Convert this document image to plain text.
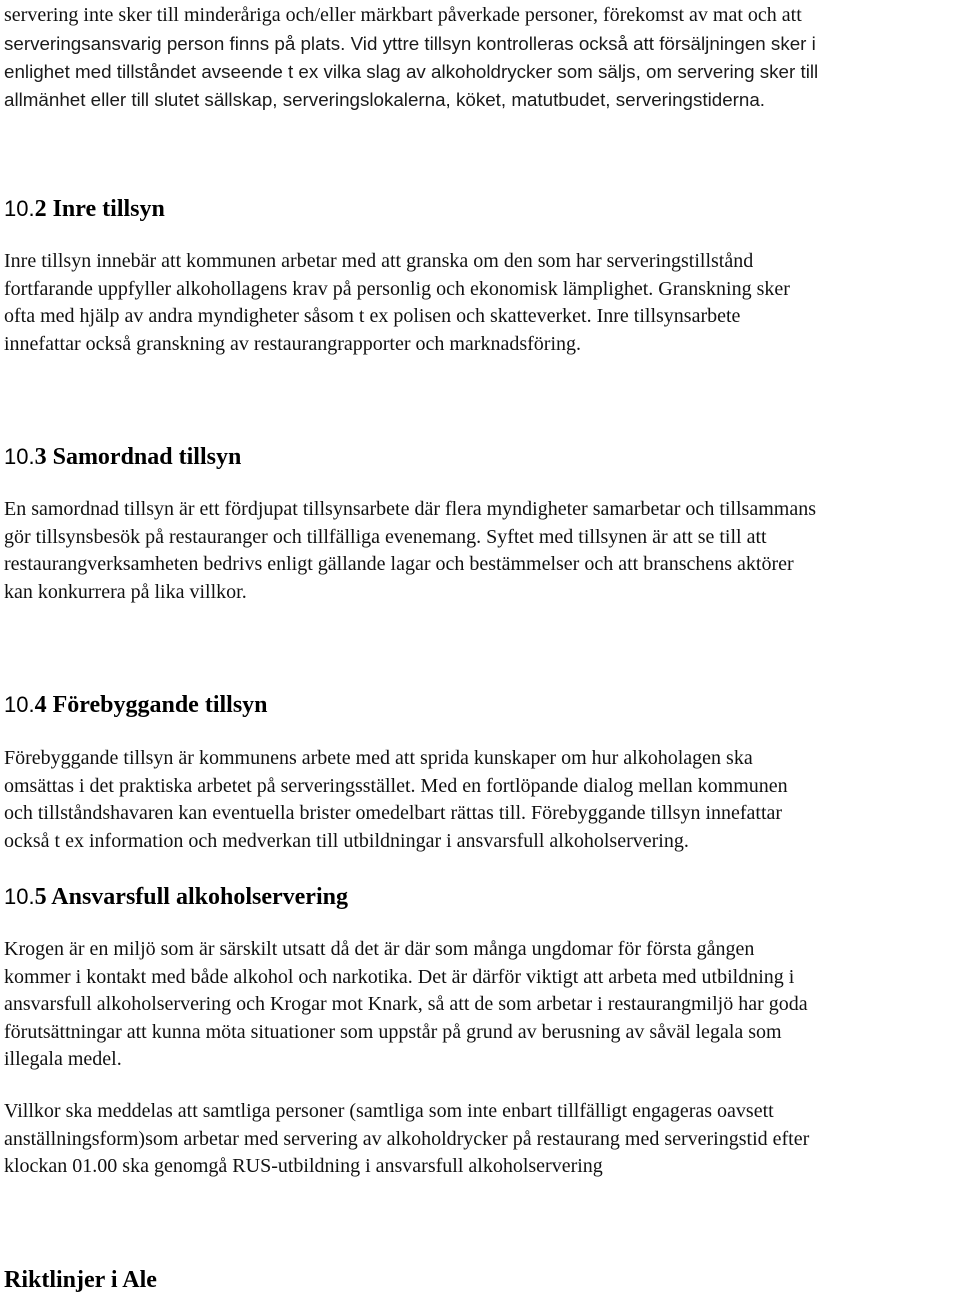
servering inte sker till minderåriga och/eller märkbart påverkade personer, förekomst av mat och att

serveringsansvarig person finns på plats. Vid yttre tillsyn kontrolleras också att försäljningen sker i

enlighet med tillståndet avseende t ex vilka slag av alkoholdrycker som säljs, om servering sker till

allmänhet eller till slutet sällskap, serveringslokalerna, köket, matutbudet, serveringstiderna.

10.2 Inre tillsyn

Inre tillsyn innebär att kommunen arbetar med att granska om den som har serveringstillstånd
fortfarande uppfyller alkohollagens krav på personlig och ekonomisk lämplighet. Granskning sker
ofta med hjälp av andra myndigheter såsom t ex polisen och skatteverket. Inre tillsynsarbete
innefattar också granskning av restaurangrapporter och marknadsföring.

10.3 Samordnad tillsyn

En samordnad tillsyn är ett fördjupat tillsynsarbete där flera myndigheter samarbetar och tillsammans
gör tillsynsbesök på restauranger och tillfälliga evenemang. Syftet med tillsynen är att se till att
restaurangverksamheten bedrivs enligt gällande lagar och bestämmelser och att branschens aktörer
kan konkurrera på lika villkor.

10.4 Förebyggande tillsyn

Förebyggande tillsyn är kommunens arbete med att sprida kunskaper om hur alkoholagen ska
omsättas i det praktiska arbetet på serveringsstället. Med en fortlöpande dialog mellan kommunen
och tillståndshavaren kan eventuella brister omedelbart rättas till. Förebyggande tillsyn innefattar
också t ex information och medverkan till utbildningar i ansvarsfull alkoholservering.

10.5 Ansvarsfull alkoholservering

Krogen är en miljö som är särskilt utsatt då det är där som många ungdomar för första gången
kommer i kontakt med både alkohol och narkotika. Det är därför viktigt att arbeta med utbildning i
ansvarsfull alkoholservering och Krogar mot Knark, så att de som arbetar i restaurangmiljö har goda
förutsättningar att kunna möta situationer som uppstår på grund av berusning av såväl legala som
illegala medel.

Villkor ska meddelas att samtliga personer (samtliga som inte enbart tillfälligt engageras oavsett
anställningsform)som arbetar med servering av alkoholdrycker på restaurang med serveringstid efter
klockan 01.00 ska genomgå RUS-utbildning i ansvarsfull alkoholservering

Riktlinjer i Ale
